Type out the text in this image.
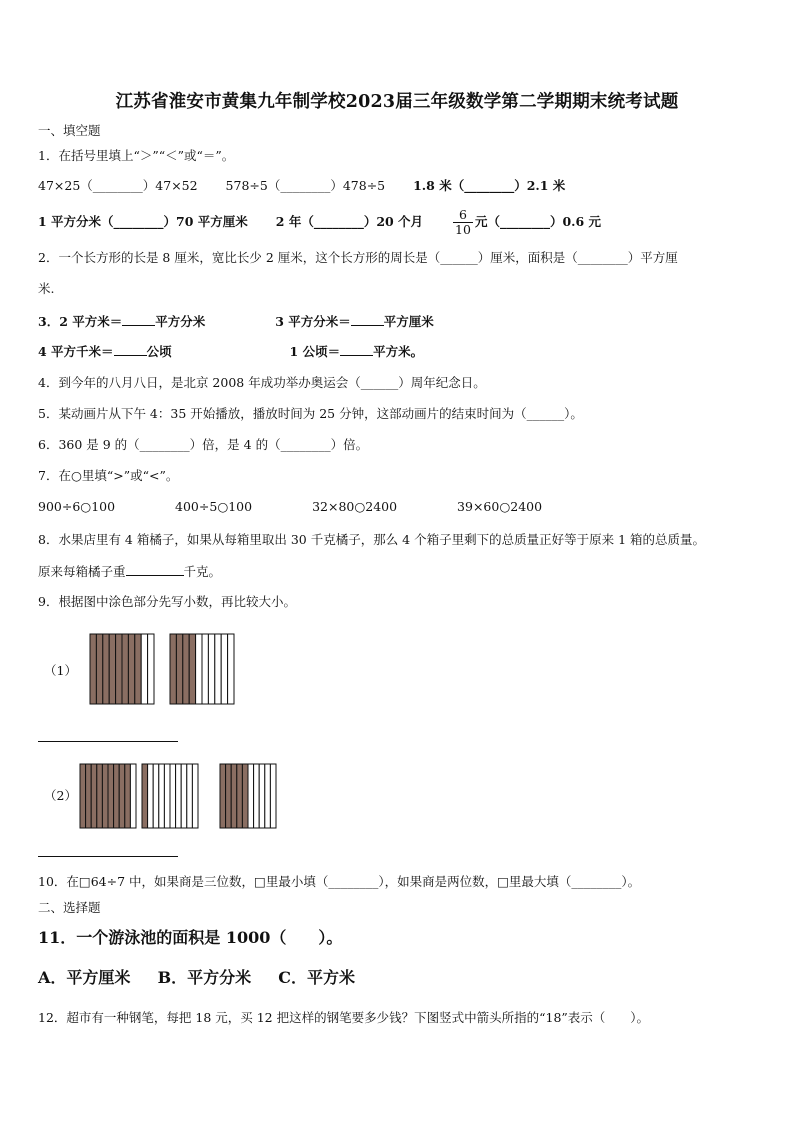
江苏省淮安市黄集九年制学校2023届三年级数学第二学期期末统考试题
一、填空题
1．在括号里填上“＞”“＜”或“＝”。
47×25（________）47×52 578÷5（________）478÷5 1.8 米（________）2.1 米
1 平方分米（________）70 平方厘米 2 年（________）20 个月 $\frac{6}{10}$ 元（________）0.6 元
2．一个长方形的长是 8 厘米，宽比长少 2 厘米，这个长方形的周长是（______）厘米，面积是（________）平方厘
米.
3．2 平方米＝	平方分米	3 平方分米＝	平方厘米
4 平方千米＝	公顷	1 公顷＝	平方米。
4．到今年的八月八日，是北京 2008 年成功举办奥运会（______）周年纪念日。
5．某动画片从下午 4：35 开始播放，播放时间为 25 分钟，这部动画片的结束时间为（______）。
6．360 是 9 的（________）倍，是 4 的（________）倍。
7．在○里填“>”或“<”。
900÷6○100	400÷5○100	32×80○2400	39×60○2400
8．水果店里有 4 箱橘子，如果从每箱里取出 30 千克橘子，那么 4 个箱子里剩下的总质量正好等于原来 1 箱的总质量。
原来每箱橘子重	千克。
9．根据图中涂色部分先写小数，再比较大小。
（1）
（2）
10．在□64÷7 中，如果商是三位数，□里最小填（________），如果商是两位数，□里最大填（________）。
二、选择题
11．一个游泳池的面积是 1000（　　）。
A．平方厘米 B．平方分米 C．平方米
12．超市有一种钢笔，每把 18 元，买 12 把这样的钢笔要多少钱？下图竖式中箭头所指的“18”表示（　　）。
